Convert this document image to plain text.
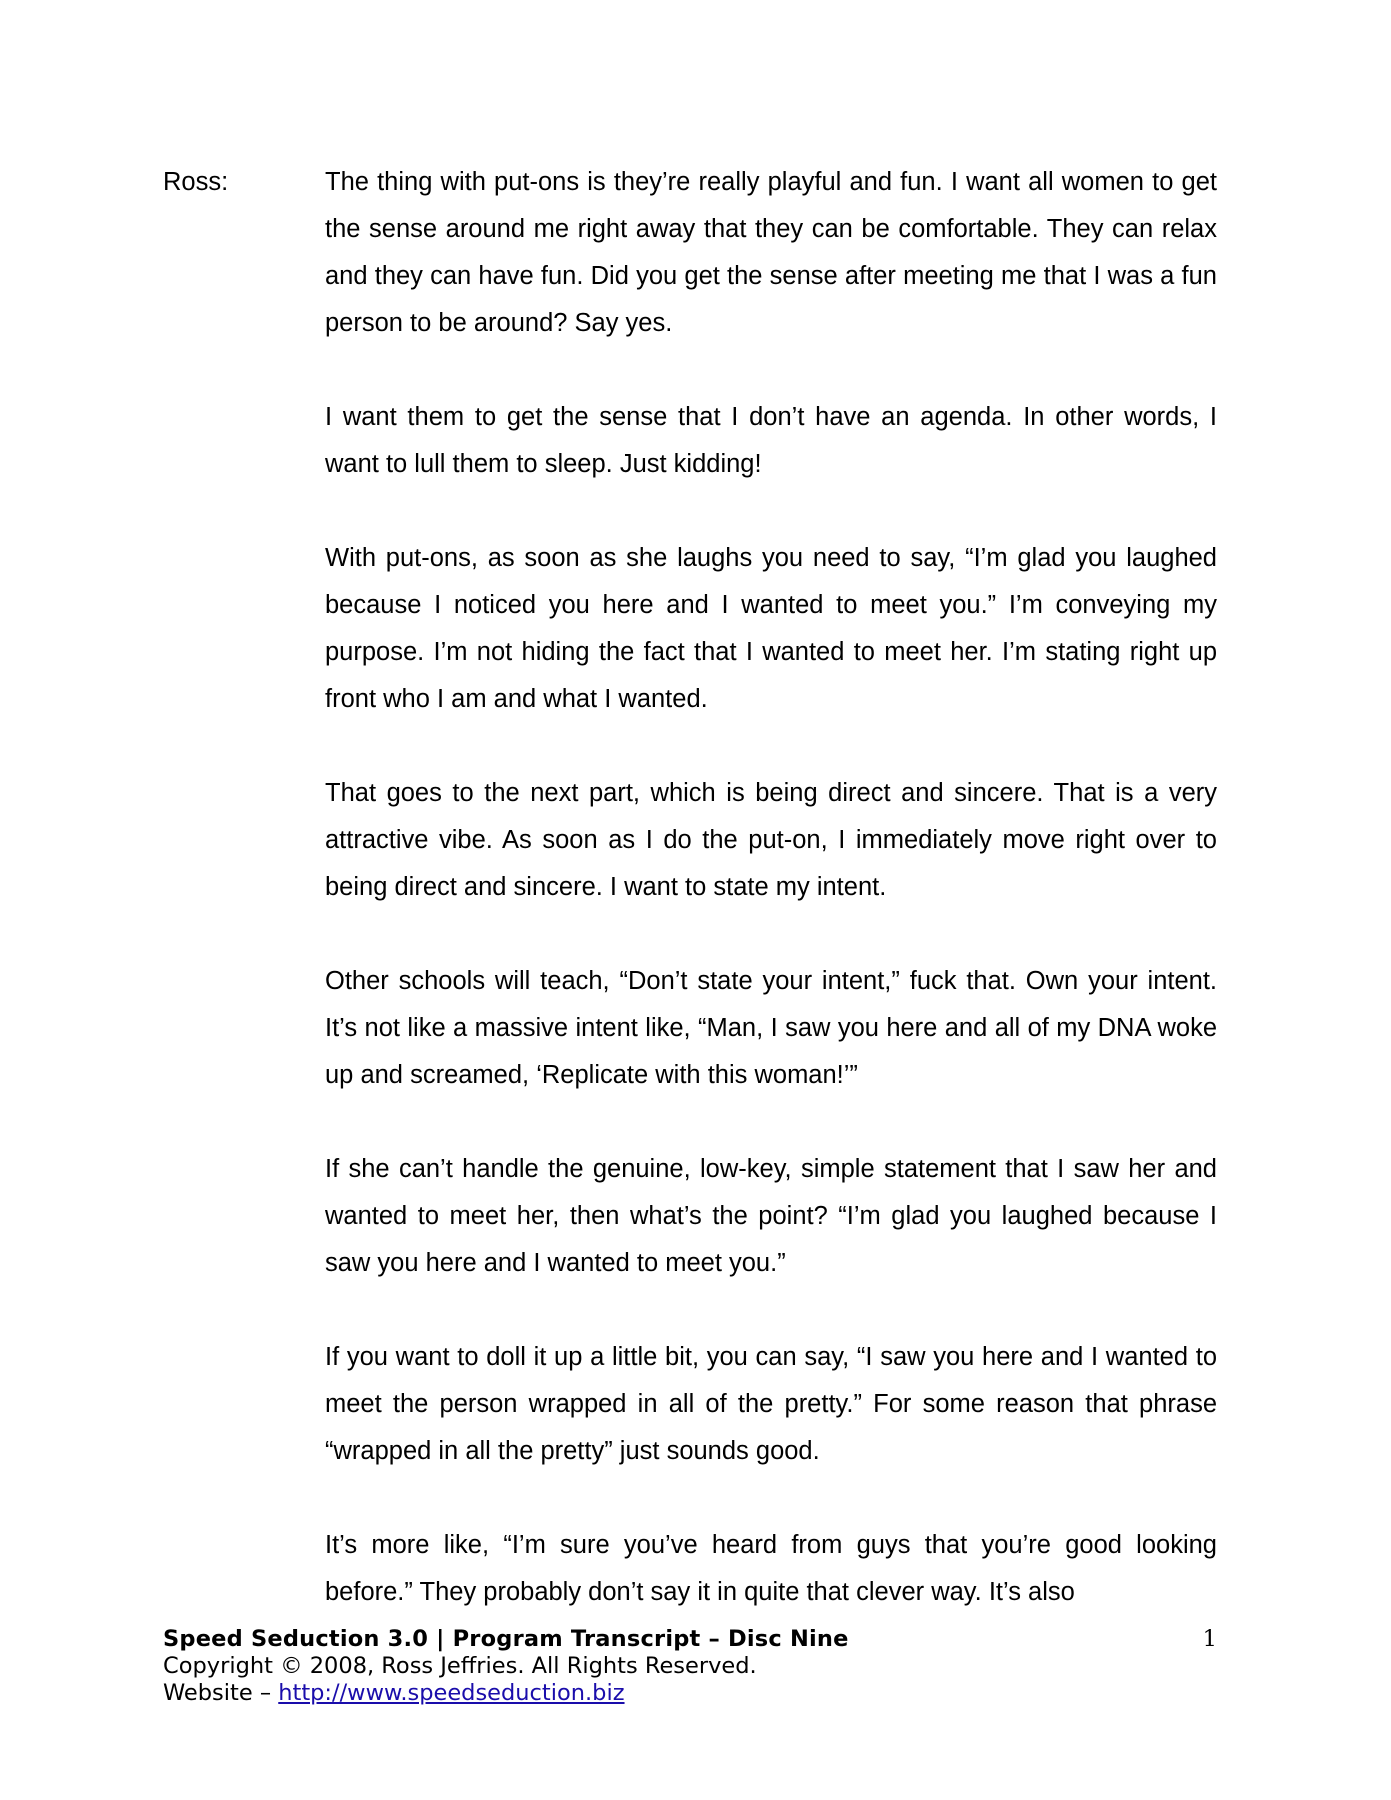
Ross:	The thing with put-ons is they’re really playful and fun. I want all women to get the sense around me right away that they can be comfortable. They can relax and they can have fun. Did you get the sense after meeting me that I was a fun person to be around? Say yes.

I want them to get the sense that I don’t have an agenda. In other words, I want to lull them to sleep. Just kidding!

With put-ons, as soon as she laughs you need to say, “I’m glad you laughed because I noticed you here and I wanted to meet you.” I’m conveying my purpose. I’m not hiding the fact that I wanted to meet her. I’m stating right up front who I am and what I wanted.

That goes to the next part, which is being direct and sincere. That is a very attractive vibe. As soon as I do the put-on, I immediately move right over to being direct and sincere. I want to state my intent.

Other schools will teach, “Don’t state your intent,” fuck that. Own your intent. It’s not like a massive intent like, “Man, I saw you here and all of my DNA woke up and screamed, ‘Replicate with this woman!’”

If she can’t handle the genuine, low-key, simple statement that I saw her and wanted to meet her, then what’s the point? “I’m glad you laughed because I saw you here and I wanted to meet you.”

If you want to doll it up a little bit, you can say, “I saw you here and I wanted to meet the person wrapped in all of the pretty.” For some reason that phrase “wrapped in all the pretty” just sounds good.

It’s more like, “I’m sure you’ve heard from guys that you’re good looking before.” They probably don’t say it in quite that clever way. It’s also

Speed Seduction 3.0 | Program Transcript – Disc Nine	1
Copyright © 2008, Ross Jeffries. All Rights Reserved.
Website – http://www.speedseduction.biz
